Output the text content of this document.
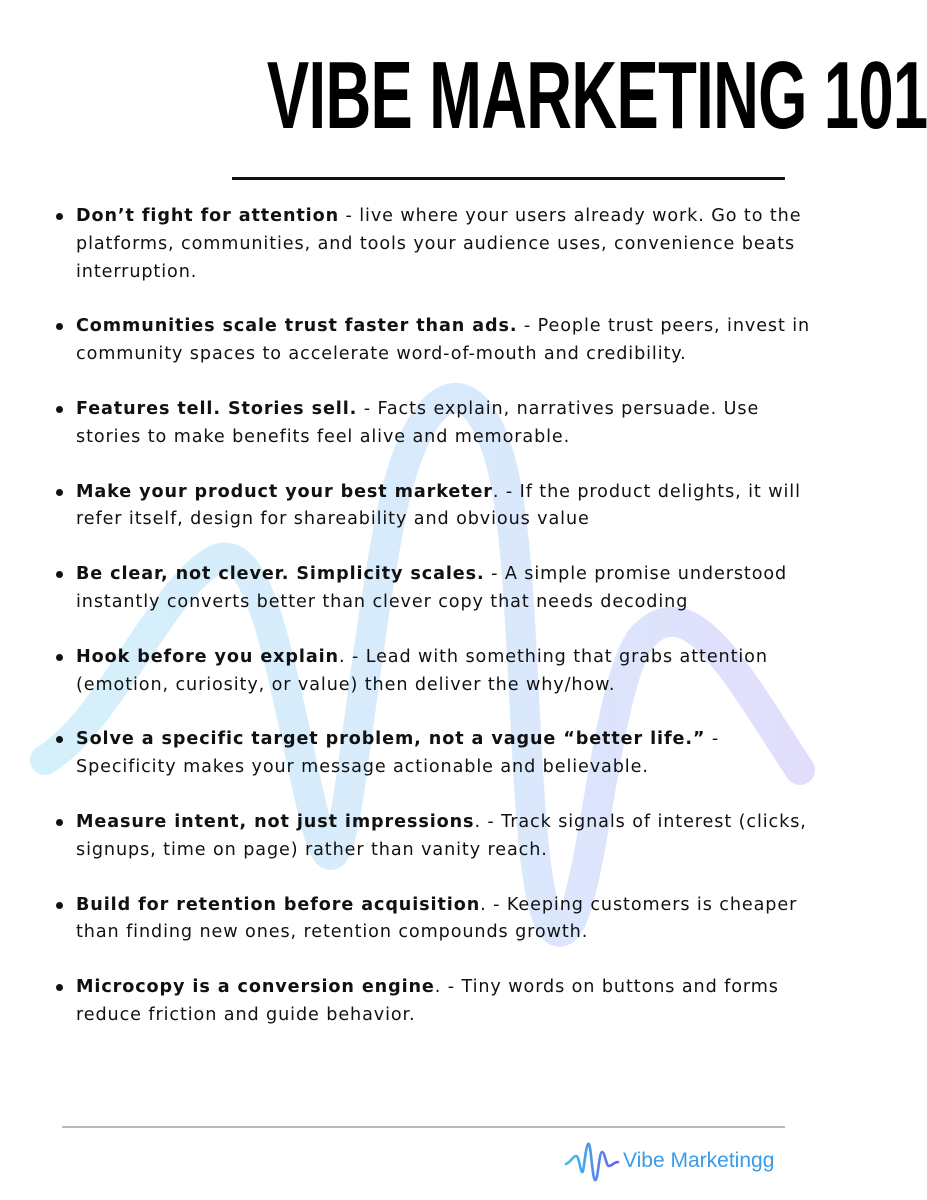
VIBE MARKETING 101
Don’t fight for attention - live where your users already work. Go to the platforms, communities, and tools your audience uses, convenience beats interruption.
Communities scale trust faster than ads. - People trust peers, invest in community spaces to accelerate word-of-mouth and credibility.
Features tell. Stories sell. - Facts explain, narratives persuade. Use stories to make benefits feel alive and memorable.
Make your product your best marketer. - If the product delights, it will refer itself, design for shareability and obvious value
Be clear, not clever. Simplicity scales. - A simple promise understood instantly converts better than clever copy that needs decoding
Hook before you explain. - Lead with something that grabs attention (emotion, curiosity, or value) then deliver the why/how.
Solve a specific target problem, not a vague “better life.” - Specificity makes your message actionable and believable.
Measure intent, not just impressions. - Track signals of interest (clicks, signups, time on page) rather than vanity reach.
Build for retention before acquisition. - Keeping customers is cheaper than finding new ones, retention compounds growth.
Microcopy is a conversion engine. - Tiny words on buttons and forms reduce friction and guide behavior.
Vibe Marketingg
